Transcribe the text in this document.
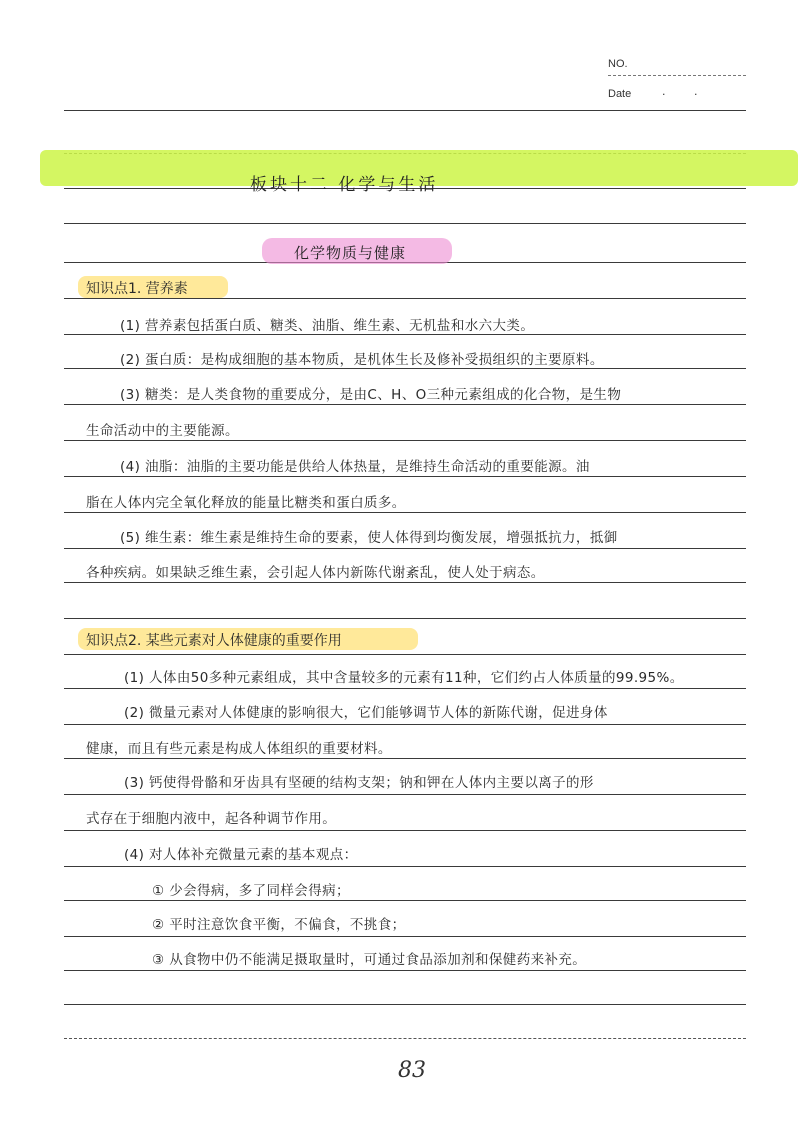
NO.
Date	·	·
板块十二 化学与生活
化学物质与健康
知识点1. 营养素
(1) 营养素包括蛋白质、糖类、油脂、维生素、无机盐和水六大类。
(2) 蛋白质：是构成细胞的基本物质，是机体生长及修补受损组织的主要原料。
(3) 糖类：是人类食物的重要成分，是由C、H、O三种元素组成的化合物，是生物
生命活动中的主要能源。
(4) 油脂：油脂的主要功能是供给人体热量，是维持生命活动的重要能源。油
脂在人体内完全氧化释放的能量比糖类和蛋白质多。
(5) 维生素：维生素是维持生命的要素，使人体得到均衡发展，增强抵抗力，抵御
各种疾病。如果缺乏维生素，会引起人体内新陈代谢紊乱，使人处于病态。
知识点2. 某些元素对人体健康的重要作用
(1) 人体由50多种元素组成，其中含量较多的元素有11种，它们约占人体质量的99.95%。
(2) 微量元素对人体健康的影响很大，它们能够调节人体的新陈代谢，促进身体
健康，而且有些元素是构成人体组织的重要材料。
(3) 钙使得骨骼和牙齿具有坚硬的结构支架；钠和钾在人体内主要以离子的形
式存在于细胞内液中，起各种调节作用。
(4) 对人体补充微量元素的基本观点：
① 少会得病，多了同样会得病；
② 平时注意饮食平衡，不偏食，不挑食；
③ 从食物中仍不能满足摄取量时，可通过食品添加剂和保健药来补充。
83
